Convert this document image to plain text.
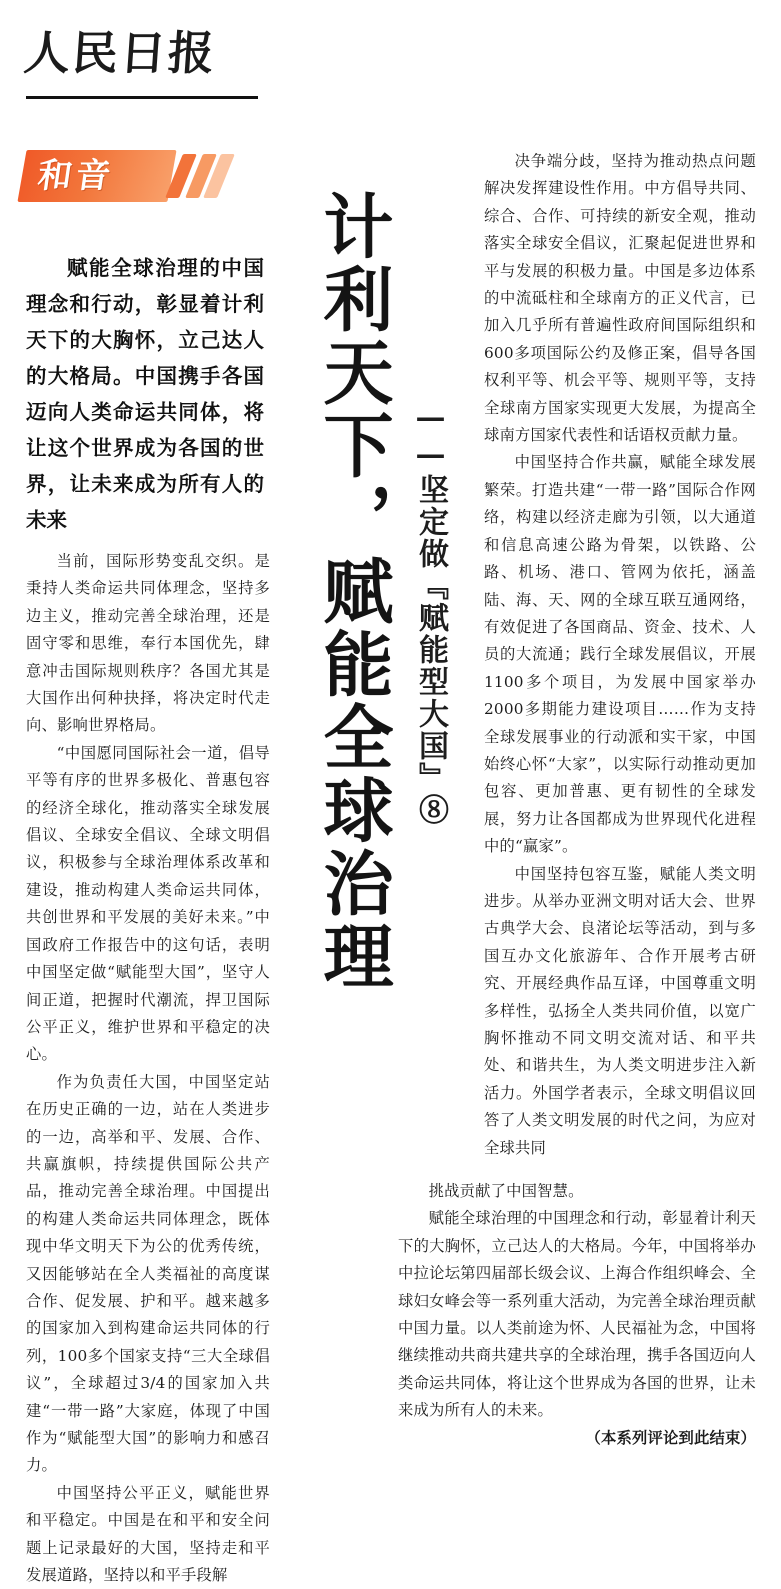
人民日报
和音
计利天下，赋能全球治理 ——坚定做『赋能型大国』⑧
赋能全球治理的中国理念和行动，彰显着计利天下的大胸怀，立己达人的大格局。中国携手各国迈向人类命运共同体，将让这个世界成为各国的世界，让未来成为所有人的未来

当前，国际形势变乱交织。是秉持人类命运共同体理念，坚持多边主义，推动完善全球治理，还是固守零和思维，奉行本国优先，肆意冲击国际规则秩序？各国尤其是大国作出何种抉择，将决定时代走向、影响世界格局。

“中国愿同国际社会一道，倡导平等有序的世界多极化、普惠包容的经济全球化，推动落实全球发展倡议、全球安全倡议、全球文明倡议，积极参与全球治理体系改革和建设，推动构建人类命运共同体，共创世界和平发展的美好未来。”中国政府工作报告中的这句话，表明中国坚定做“赋能型大国”，坚守人间正道，把握时代潮流，捍卫国际公平正义，维护世界和平稳定的决心。

作为负责任大国，中国坚定站在历史正确的一边，站在人类进步的一边，高举和平、发展、合作、共赢旗帜，持续提供国际公共产品，推动完善全球治理。中国提出的构建人类命运共同体理念，既体现中华文明天下为公的优秀传统，又因能够站在全人类福祉的高度谋合作、促发展、护和平。越来越多的国家加入到构建命运共同体的行列，100多个国家支持“三大全球倡议”，全球超过3/4的国家加入共建“一带一路”大家庭，体现了中国作为“赋能型大国”的影响力和感召力。

中国坚持公平正义，赋能世界和平稳定。中国是在和平和安全问题上记录最好的大国，坚持走和平发展道路，坚持以和平手段解

决争端分歧，坚持为推动热点问题解决发挥建设性作用。中方倡导共同、综合、合作、可持续的新安全观，推动落实全球安全倡议，汇聚起促进世界和平与发展的积极力量。中国是多边体系的中流砥柱和全球南方的正义代言，已加入几乎所有普遍性政府间国际组织和600多项国际公约及修正案，倡导各国权利平等、机会平等、规则平等，支持全球南方国家实现更大发展，为提高全球南方国家代表性和话语权贡献力量。

中国坚持合作共赢，赋能全球发展繁荣。打造共建“一带一路”国际合作网络，构建以经济走廊为引领，以大通道和信息高速公路为骨架，以铁路、公路、机场、港口、管网为依托，涵盖陆、海、天、网的全球互联互通网络，有效促进了各国商品、资金、技术、人员的大流通；践行全球发展倡议，开展1100多个项目，为发展中国家举办2000多期能力建设项目……作为支持全球发展事业的行动派和实干家，中国始终心怀“大家”，以实际行动推动更加包容、更加普惠、更有韧性的全球发展，努力让各国都成为世界现代化进程中的“赢家”。

中国坚持包容互鉴，赋能人类文明进步。从举办亚洲文明对话大会、世界古典学大会、良渚论坛等活动，到与多国互办文化旅游年、合作开展考古研究、开展经典作品互译，中国尊重文明多样性，弘扬全人类共同价值，以宽广胸怀推动不同文明交流对话、和平共处、和谐共生，为人类文明进步注入新活力。外国学者表示，全球文明倡议回答了人类文明发展的时代之问，为应对全球共同

挑战贡献了中国智慧。

赋能全球治理的中国理念和行动，彰显着计利天下的大胸怀，立己达人的大格局。今年，中国将举办中拉论坛第四届部长级会议、上海合作组织峰会、全球妇女峰会等一系列重大活动，为完善全球治理贡献中国力量。以人类前途为怀、人民福祉为念，中国将继续推动共商共建共享的全球治理，携手各国迈向人类命运共同体，将让这个世界成为各国的世界，让未来成为所有人的未来。

（本系列评论到此结束）
